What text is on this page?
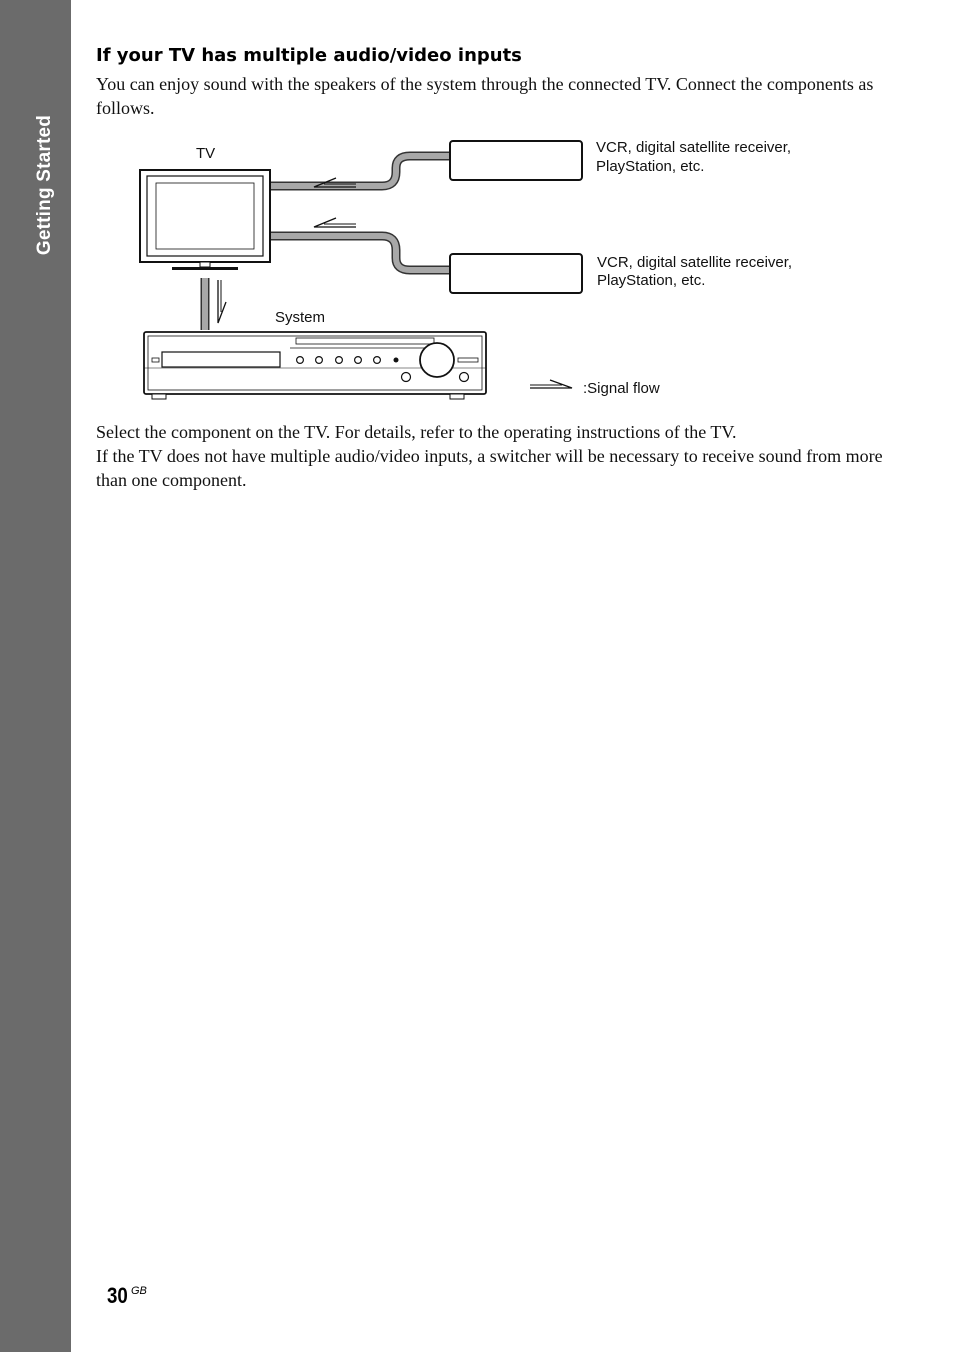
Getting Started
If your TV has multiple audio/video inputs

You can enjoy sound with the speakers of the system through the connected TV. Connect the components as follows.

TV
System
VCR, digital satellite receiver,
PlayStation, etc.
VCR, digital satellite receiver,
PlayStation, etc.
:Signal flow

Select the component on the TV. For details, refer to the operating instructions of the TV.

If the TV does not have multiple audio/video inputs, a switcher will be necessary to receive sound from more than one component.

30 GB
